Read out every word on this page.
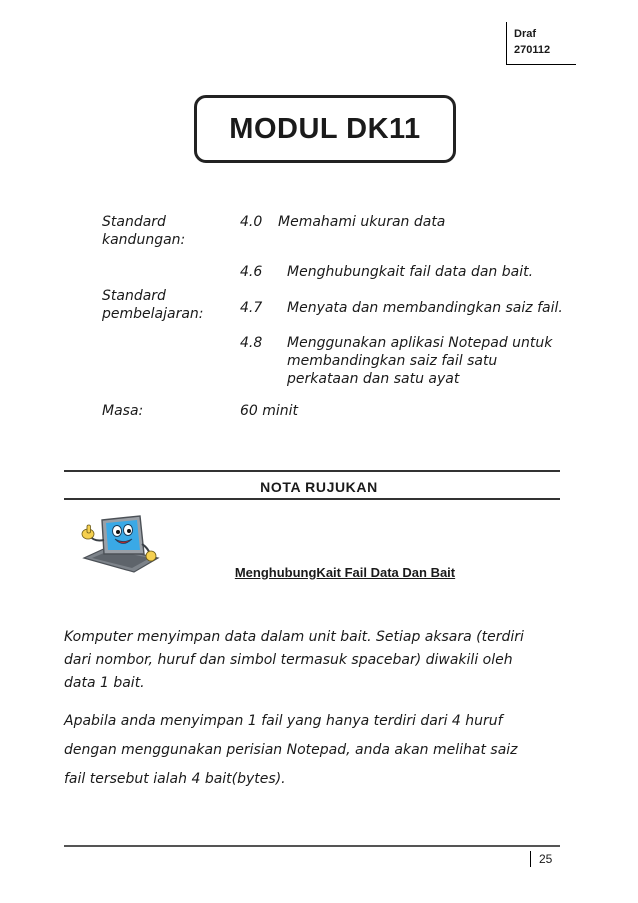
Draf
270112
MODUL DK11
Standard
kandungan:
4.0 Memahami ukuran data
Standard
pembelajaran:
4.6 Menghubungkait fail data dan bait.
4.7 Menyata dan membandingkan saiz fail.
4.8 Menggunakan aplikasi Notepad untuk
membandingkan saiz fail satu
perkataan dan satu ayat
Masa:	60 minit
NOTA RUJUKAN
MenghubungKait Fail Data Dan Bait
Komputer menyimpan data dalam unit bait. Setiap aksara (terdiri
dari nombor, huruf dan simbol termasuk spacebar) diwakili oleh
data 1 bait.
Apabila anda menyimpan 1 fail yang hanya terdiri dari 4 huruf
dengan menggunakan perisian Notepad, anda akan melihat saiz
fail tersebut ialah 4 bait(bytes).
25
